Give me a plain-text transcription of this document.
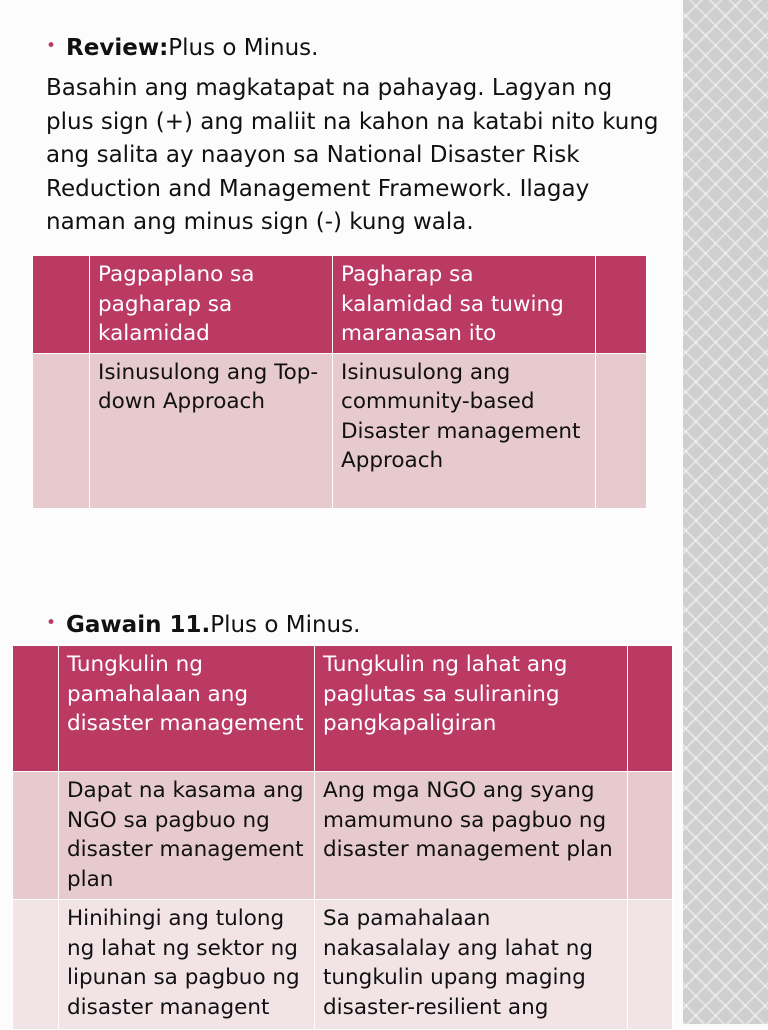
• Review:Plus o Minus.
Basahin ang magkatapat na pahayag. Lagyan ng plus sign (+) ang maliit na kahon na katabi nito kung ang salita ay naayon sa National Disaster Risk Reduction and Management Framework. Ilagay naman ang minus sign (-) kung wala.
	Pagpaplano sa pagharap sa kalamidad	Pagharap sa kalamidad sa tuwing maranasan ito	
	Isinusulong ang Top-down Approach	Isinusulong ang community-based Disaster management Approach	
• Gawain 11.Plus o Minus.
	Tungkulin ng pamahalaan ang disaster management	Tungkulin ng lahat ang paglutas sa suliraning pangkapaligiran	
	Dapat na kasama ang NGO sa pagbuo ng disaster management plan	Ang mga NGO ang syang mamumuno sa pagbuo ng disaster management plan	
	Hinihingi ang tulong ng lahat ng sektor ng lipunan sa pagbuo ng disaster managent	Sa pamahalaan nakasalalay ang lahat ng tungkulin upang maging disaster-resilient ang	
